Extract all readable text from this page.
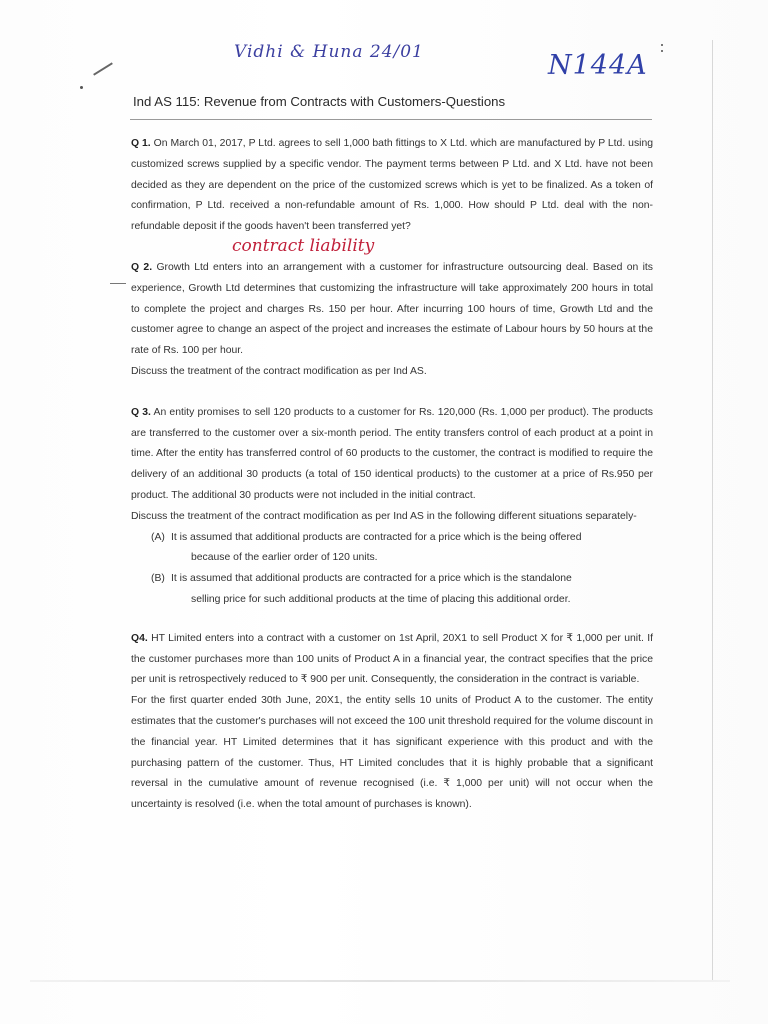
Vidhi & Huna 24/01	N144A
Ind AS 115: Revenue from Contracts with Customers-Questions
Q 1. On March 01, 2017, P Ltd. agrees to sell 1,000 bath fittings to X Ltd. which are manufactured by P Ltd. using customized screws supplied by a specific vendor. The payment terms between P Ltd. and X Ltd. have not been decided as they are dependent on the price of the customized screws which is yet to be finalized. As a token of confirmation, P Ltd. received a non-refundable amount of Rs. 1,000. How should P Ltd. deal with the non-refundable deposit if the goods haven't been transferred yet?
Q 2. Growth Ltd enters into an arrangement with a customer for infrastructure outsourcing deal. Based on its experience, Growth Ltd determines that customizing the infrastructure will take approximately 200 hours in total to complete the project and charges Rs. 150 per hour. After incurring 100 hours of time, Growth Ltd and the customer agree to change an aspect of the project and increases the estimate of Labour hours by 50 hours at the rate of Rs. 100 per hour.
Discuss the treatment of the contract modification as per Ind AS.
Q 3. An entity promises to sell 120 products to a customer for Rs. 120,000 (Rs. 1,000 per product). The products are transferred to the customer over a six-month period. The entity transfers control of each product at a point in time. After the entity has transferred control of 60 products to the customer, the contract is modified to require the delivery of an additional 30 products (a total of 150 identical products) to the customer at a price of Rs.950 per product. The additional 30 products were not included in the initial contract.
Discuss the treatment of the contract modification as per Ind AS in the following different situations separately-
(A) It is assumed that additional products are contracted for a price which is the being offered
because of the earlier order of 120 units.
(B) It is assumed that additional products are contracted for a price which is the standalone
selling price for such additional products at the time of placing this additional order.
Q4. HT Limited enters into a contract with a customer on 1st April, 20X1 to sell Product X for ₹ 1,000 per unit. If the customer purchases more than 100 units of Product A in a financial year, the contract specifies that the price per unit is retrospectively reduced to ₹ 900 per unit. Consequently, the consideration in the contract is variable.
For the first quarter ended 30th June, 20X1, the entity sells 10 units of Product A to the customer. The entity estimates that the customer's purchases will not exceed the 100 unit threshold required for the volume discount in the financial year. HT Limited determines that it has significant experience with this product and with the purchasing pattern of the customer. Thus, HT Limited concludes that it is highly probable that a significant reversal in the cumulative amount of revenue recognised (i.e. ₹ 1,000 per unit) will not occur when the uncertainty is resolved (i.e. when the total amount of purchases is known).
contract liability
